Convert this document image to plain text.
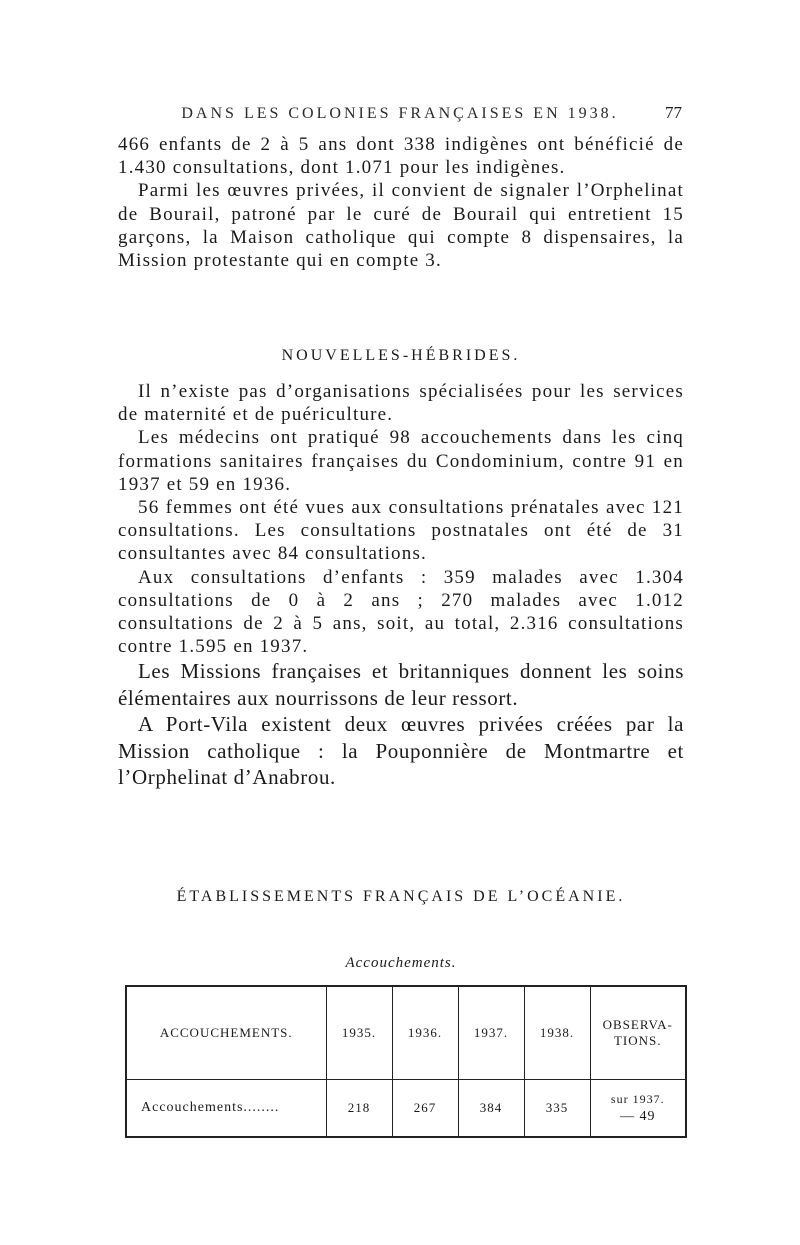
DANS LES COLONIES FRANÇAISES EN 1938.	77

466 enfants de 2 à 5 ans dont 338 indigènes ont bénéficié de 1.430 consultations, dont 1.071 pour les indigènes.

Parmi les œuvres privées, il convient de signaler l’Orphelinat de Bourail, patroné par le curé de Bourail qui entretient 15 garçons, la Maison catholique qui compte 8 dispensaires, la Mission protestante qui en compte 3.

NOUVELLES-HÉBRIDES.

Il n’existe pas d’organisations spécialisées pour les services de maternité et de puériculture.

Les médecins ont pratiqué 98 accouchements dans les cinq formations sanitaires françaises du Condominium, contre 91 en 1937 et 59 en 1936.

56 femmes ont été vues aux consultations prénatales avec 121 consultations. Les consultations postnatales ont été de 31 consultantes avec 84 consultations.

Aux consultations d’enfants : 359 malades avec 1.304 consultations de 0 à 2 ans ; 270 malades avec 1.012 consultations de 2 à 5 ans, soit, au total, 2.316 consultations contre 1.595 en 1937.

Les Missions françaises et britanniques donnent les soins élémentaires aux nourrissons de leur ressort.

A Port-Vila existent deux œuvres privées créées par la Mission catholique : la Pouponnière de Montmartre et l’Orphelinat d’Anabrou.

ÉTABLISSEMENTS FRANÇAIS DE L’OCÉANIE.
Accouchements.
ACCOUCHEMENTS.	1935.	1936.	1937.	1938.	OBSERVA-TIONS.
Accouchements........	218	267	384	335	sur 1937.
— 49
